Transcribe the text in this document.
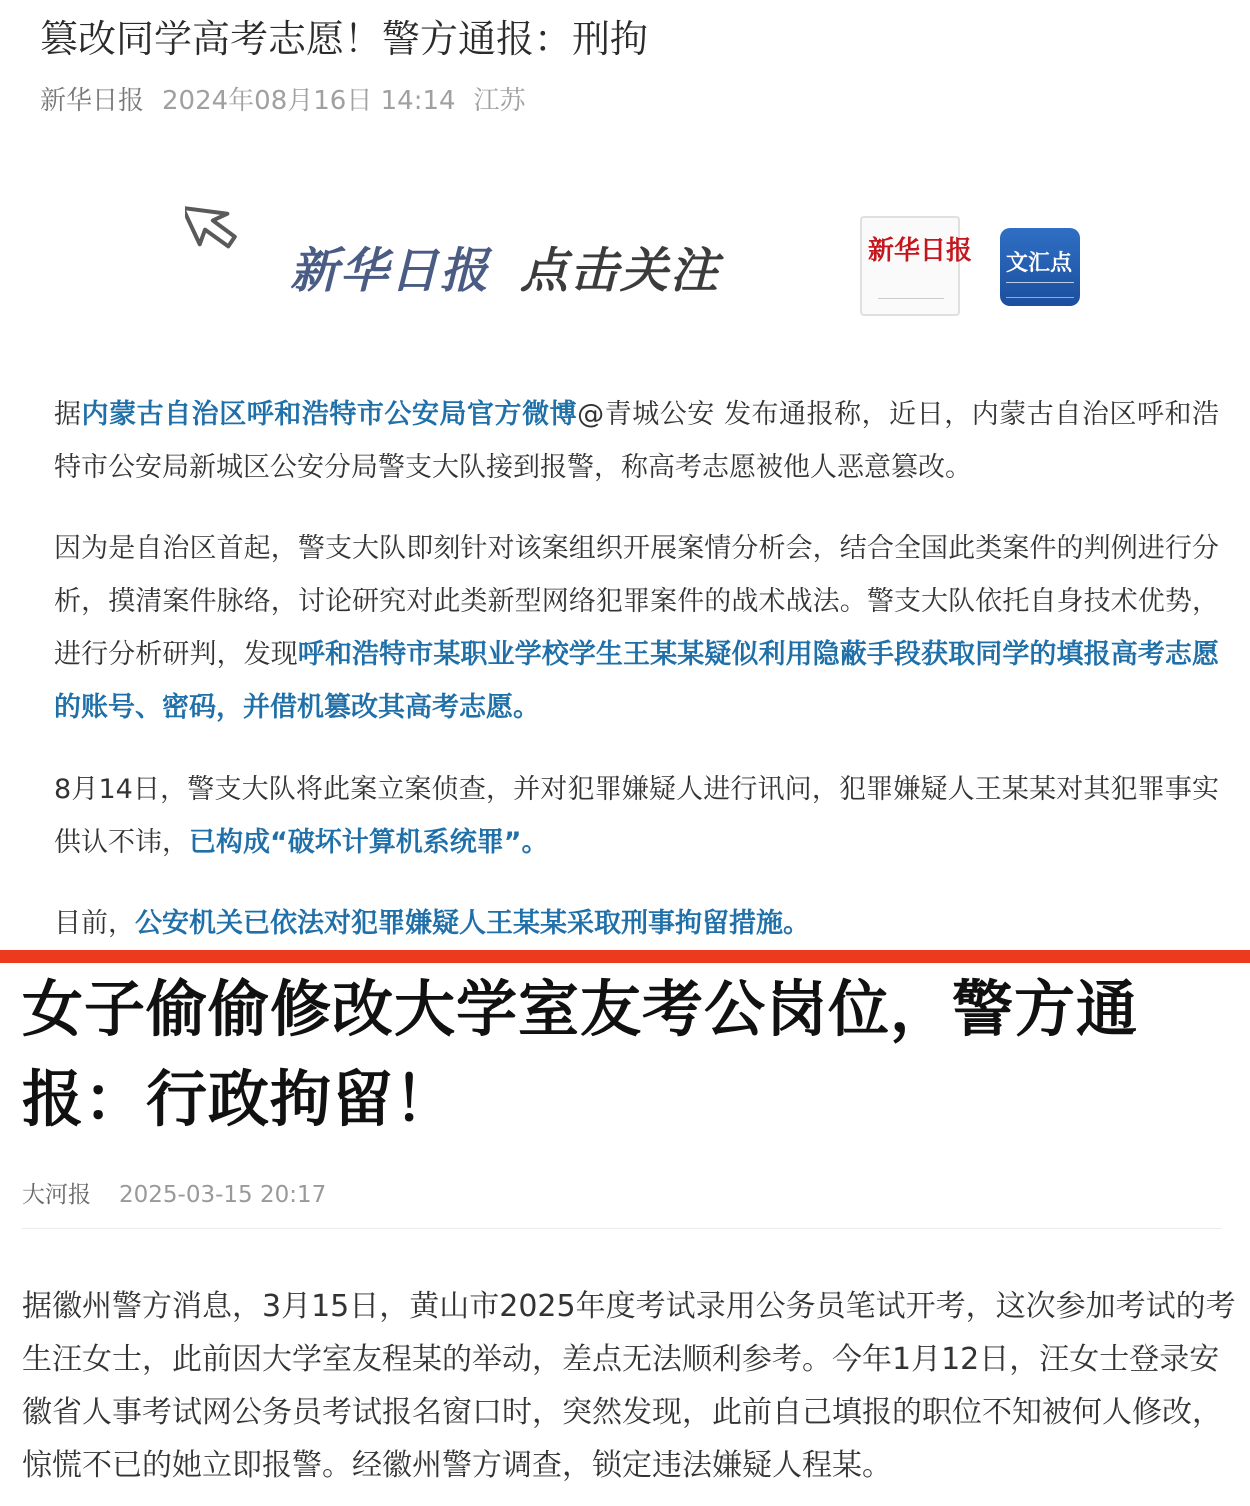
篡改同学高考志愿！警方通报：刑拘
新华日报 2024年08月16日 14:14 江苏
新华日报 点击关注	新华日报 文汇点
据内蒙古自治区呼和浩特市公安局官方微博@青城公安 发布通报称，近日，内蒙古自治区呼和浩特市公安局新城区公安分局警支大队接到报警，称高考志愿被他人恶意篡改。
因为是自治区首起，警支大队即刻针对该案组织开展案情分析会，结合全国此类案件的判例进行分析，摸清案件脉络，讨论研究对此类新型网络犯罪案件的战术战法。警支大队依托自身技术优势，进行分析研判，发现呼和浩特市某职业学校学生王某某疑似利用隐蔽手段获取同学的填报高考志愿的账号、密码，并借机篡改其高考志愿。
8月14日，警支大队将此案立案侦查，并对犯罪嫌疑人进行讯问，犯罪嫌疑人王某某对其犯罪事实供认不讳，已构成“破坏计算机系统罪”。
目前，公安机关已依法对犯罪嫌疑人王某某采取刑事拘留措施。
女子偷偷修改大学室友考公岗位，警方通报：行政拘留！
大河报 2025-03-15 20:17
据徽州警方消息，3月15日，黄山市2025年度考试录用公务员笔试开考，这次参加考试的考生汪女士，此前因大学室友程某的举动，差点无法顺利参考。今年1月12日，汪女士登录安徽省人事考试网公务员考试报名窗口时，突然发现，此前自己填报的职位不知被何人修改，惊慌不已的她立即报警。经徽州警方调查，锁定违法嫌疑人程某。
